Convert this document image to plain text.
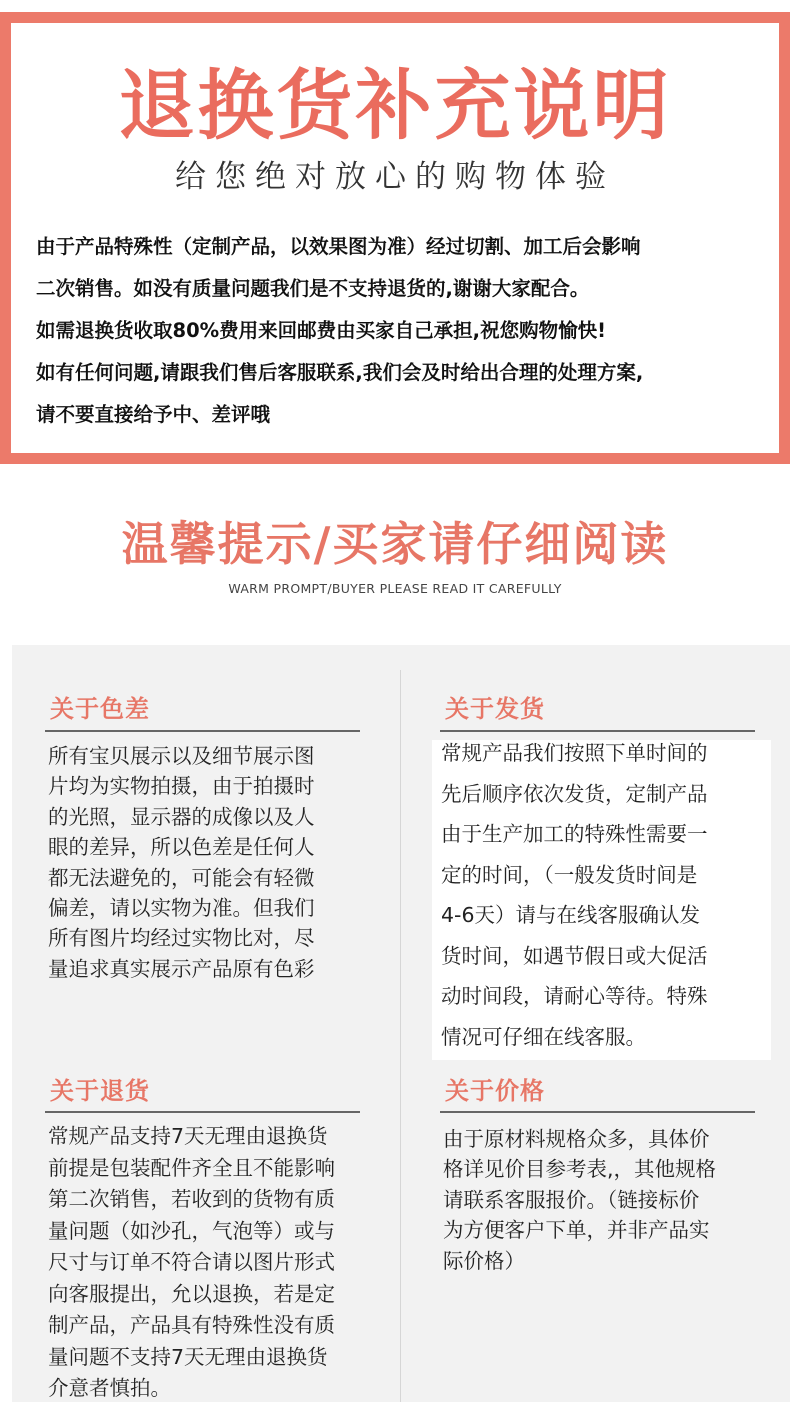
退换货补充说明
给您绝对放心的购物体验

由于产品特殊性（定制产品，以效果图为准）经过切割、加工后会影响

二次销售。如没有质量问题我们是不支持退货的,谢谢大家配合。

如需退换货收取80%费用来回邮费由买家自己承担,祝您购物愉快!

如有任何问题,请跟我们售后客服联系,我们会及时给出合理的处理方案,

请不要直接给予中、差评哦

温馨提示/买家请仔细阅读
WARM PROMPT/BUYER PLEASE READ IT CAREFULLY
关于色差

所有宝贝展示以及细节展示图

片均为实物拍摄，由于拍摄时

的光照，显示器的成像以及人

眼的差异，所以色差是任何人

都无法避免的，可能会有轻微

偏差，请以实物为准。但我们

所有图片均经过实物比对，尽

量追求真实展示产品原有色彩

关于发货

常规产品我们按照下单时间的

先后顺序依次发货，定制产品

由于生产加工的特殊性需要一

定的时间，（一般发货时间是

4-6天）请与在线客服确认发

货时间，如遇节假日或大促活

动时间段，请耐心等待。特殊

情况可仔细在线客服。

关于退货

常规产品支持7天无理由退换货

前提是包装配件齐全且不能影响

第二次销售，若收到的货物有质

量问题（如沙孔，气泡等）或与

尺寸与订单不符合请以图片形式

向客服提出，允以退换，若是定

制产品，产品具有特殊性没有质

量问题不支持7天无理由退换货

介意者慎拍。

关于价格

由于原材料规格众多，具体价

格详见价目参考表,，其他规格

请联系客服报价。（链接标价

为方便客户下单，并非产品实

际价格）
